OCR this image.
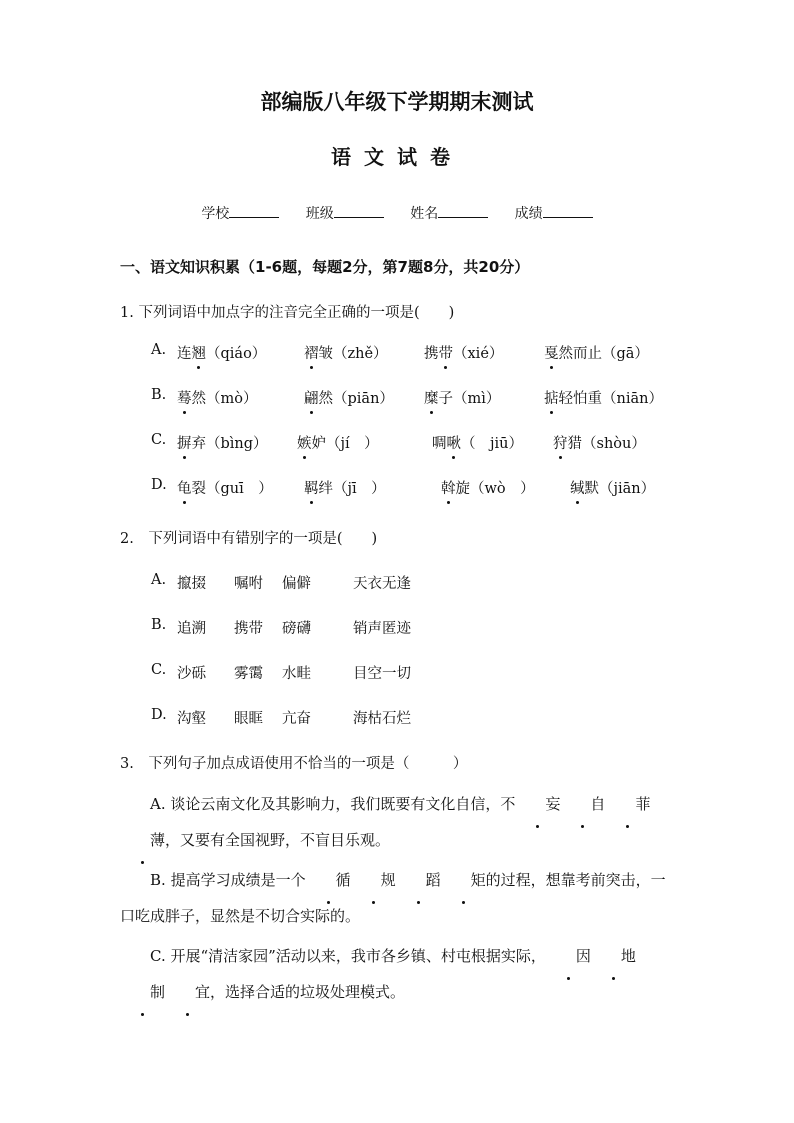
部编版八年级下学期期末测试
语文试卷
学校	班级	姓名	成绩
一、语文知识积累（1-6题，每题2分，第7题8分，共20分）
1. 下列词语中加点字的注音完全正确的一项是(　　)
A. 连翘（qiáo）	褶皱（zhě）	携带（xié）	戛然而止（gā）
B. 蓦然（mò）	翩然（piān） 糜子（mì）	掂轻怕重（niān）
C. 摒弃（bìng） 嫉妒（jí　）	啁啾（　jiū） 狩猎（shòu）
D. 龟裂（guī　） 羁绊（jī　）	斡旋（wò　） 缄默（jiān）
2.　下列词语中有错别字的一项是(　　)
A. 攛掇 嘱咐 偏僻	天衣无逢
B. 追溯 携带 磅礴	销声匿迹
C. 沙砾 雾霭 水畦	目空一切
D. 沟壑 眼眶 亢奋	海枯石烂
3.　下列句子加点成语使用不恰当的一项是（　　　）
A. 谈论云南文化及其影响力，我们既要有文化自信，不 妄 自 菲薄，又要有全国视野，不盲目乐观。
B. 提高学习成绩是一个 循 规 蹈 矩的过程，想靠考前突击，一口吃成胖子，显然是不切合实际的。
C. 开展“清洁家园”活动以来，我市各乡镇、村屯根据实际， 因 地制 宜，选择合适的垃圾处理模式。
